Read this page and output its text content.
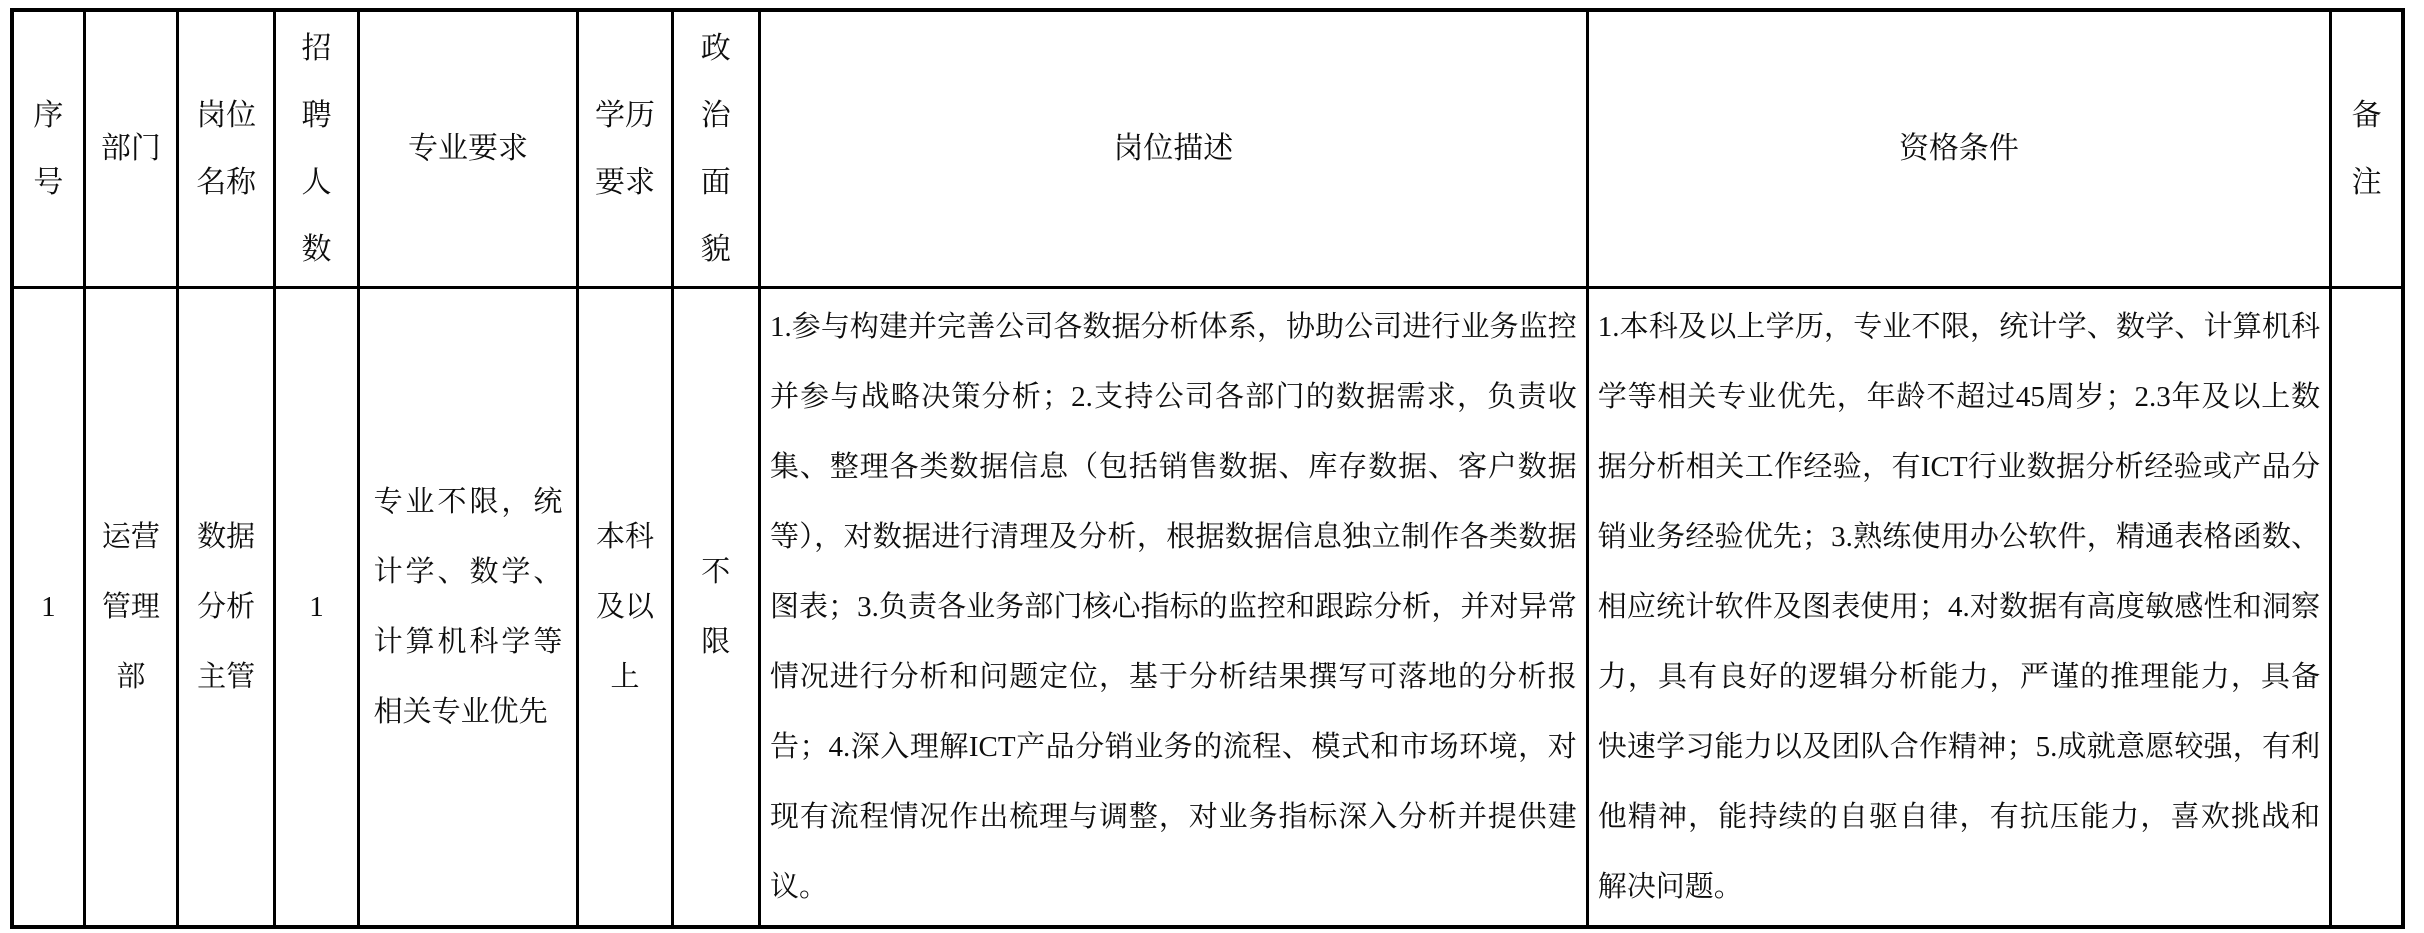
序号	部门	岗位名称	招聘人数	专业要求	学历要求	政治面貌	岗位描述	资格条件	备注
1	运营管理部	数据分析主管	1	专业不限，统计学、数学、计算机科学等相关专业优先	本科及以上	不限	1.参与构建并完善公司各数据分析体系，协助公司进行业务监控并参与战略决策分析；2.支持公司各部门的数据需求，负责收集、整理各类数据信息（包括销售数据、库存数据、客户数据等），对数据进行清理及分析，根据数据信息独立制作各类数据图表；3.负责各业务部门核心指标的监控和跟踪分析，并对异常情况进行分析和问题定位，基于分析结果撰写可落地的分析报告；4.深入理解ICT产品分销业务的流程、模式和市场环境，对现有流程情况作出梳理与调整，对业务指标深入分析并提供建议。	1.本科及以上学历，专业不限，统计学、数学、计算机科学等相关专业优先，年龄不超过45周岁；2.3年及以上数据分析相关工作经验，有ICT行业数据分析经验或产品分销业务经验优先；3.熟练使用办公软件，精通表格函数、相应统计软件及图表使用；4.对数据有高度敏感性和洞察力，具有良好的逻辑分析能力，严谨的推理能力，具备快速学习能力以及团队合作精神；5.成就意愿较强，有利他精神，能持续的自驱自律，有抗压能力，喜欢挑战和解决问题。	
